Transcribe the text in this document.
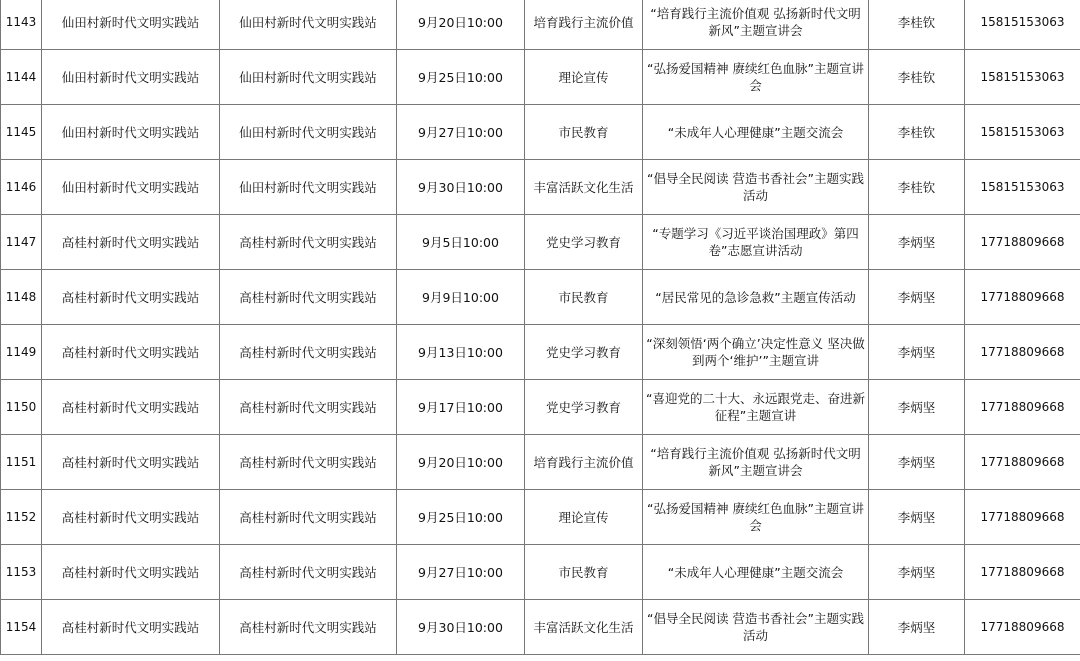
1143	仙田村新时代文明实践站	仙田村新时代文明实践站	9月20日10:00	培育践行主流价值	“培育践行主流价值观 弘扬新时代文明新风”主题宣讲会	李桂钦	15815153063
1144	仙田村新时代文明实践站	仙田村新时代文明实践站	9月25日10:00	理论宣传	“弘扬爱国精神 赓续红色血脉”主题宣讲会	李桂钦	15815153063
1145	仙田村新时代文明实践站	仙田村新时代文明实践站	9月27日10:00	市民教育	“未成年人心理健康”主题交流会	李桂钦	15815153063
1146	仙田村新时代文明实践站	仙田村新时代文明实践站	9月30日10:00	丰富活跃文化生活	“倡导全民阅读 营造书香社会”主题实践活动	李桂钦	15815153063
1147	高桂村新时代文明实践站	高桂村新时代文明实践站	9月5日10:00	党史学习教育	“专题学习《习近平谈治国理政》第四卷”志愿宣讲活动	李炳坚	17718809668
1148	高桂村新时代文明实践站	高桂村新时代文明实践站	9月9日10:00	市民教育	“居民常见的急诊急救”主题宣传活动	李炳坚	17718809668
1149	高桂村新时代文明实践站	高桂村新时代文明实践站	9月13日10:00	党史学习教育	“深刻领悟‘两个确立’决定性意义 坚决做到两个‘维护’”主题宣讲	李炳坚	17718809668
1150	高桂村新时代文明实践站	高桂村新时代文明实践站	9月17日10:00	党史学习教育	“喜迎党的二十大、永远跟党走、奋进新征程”主题宣讲	李炳坚	17718809668
1151	高桂村新时代文明实践站	高桂村新时代文明实践站	9月20日10:00	培育践行主流价值	“培育践行主流价值观 弘扬新时代文明新风”主题宣讲会	李炳坚	17718809668
1152	高桂村新时代文明实践站	高桂村新时代文明实践站	9月25日10:00	理论宣传	“弘扬爱国精神 赓续红色血脉”主题宣讲会	李炳坚	17718809668
1153	高桂村新时代文明实践站	高桂村新时代文明实践站	9月27日10:00	市民教育	“未成年人心理健康”主题交流会	李炳坚	17718809668
1154	高桂村新时代文明实践站	高桂村新时代文明实践站	9月30日10:00	丰富活跃文化生活	“倡导全民阅读 营造书香社会”主题实践活动	李炳坚	17718809668
